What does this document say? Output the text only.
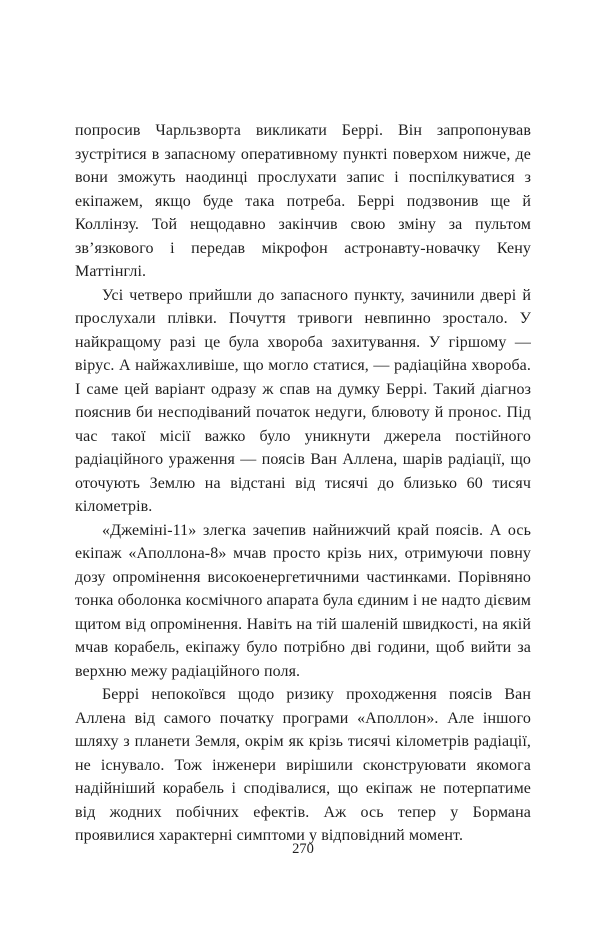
попросив Чарльзворта викликати Беррі. Він запропонував зустрітися в запасному оперативному пункті поверхом нижче, де вони зможуть наодинці прослухати запис і поспілкуватися з екіпажем, якщо буде така потреба. Беррі подзвонив ще й Коллінзу. Той нещодавно закінчив свою зміну за пультом зв’язкового і передав мікрофон астронавту-новачку Кену Маттінглі.

Усі четверо прийшли до запасного пункту, зачинили двері й прослухали плівки. Почуття тривоги невпинно зростало. У найкращому разі це була хвороба захитування. У гіршому — вірус. А найжахливіше, що могло статися, — радіаційна хвороба. І саме цей варіант одразу ж спав на думку Беррі. Такий діагноз пояснив би несподіваний початок недуги, блювоту й пронос. Під час такої місії важко було уникнути джерела постійного радіаційного ураження — поясів Ван Аллена, шарів радіації, що оточують Землю на відстані від тисячі до близько 60 тисяч кілометрів.

«Джеміні-11» злегка зачепив найнижчий край поясів. А ось екіпаж «Аполлона-8» мчав просто крізь них, отримуючи повну дозу опромінення високоенергетичними частинками. Порівняно тонка оболонка космічного апарата була єдиним і не надто дієвим щитом від опромінення. Навіть на тій шаленій швидкості, на якій мчав корабель, екіпажу було потрібно дві години, щоб вийти за верхню межу радіаційного поля.

Беррі непокоївся щодо ризику проходження поясів Ван Аллена від самого початку програми «Аполлон». Але іншого шляху з планети Земля, окрім як крізь тисячі кілометрів радіації, не існувало. Тож інженери вирішили сконструювати якомога надійніший корабель і сподівалися, що екіпаж не потерпатиме від жодних побічних ефектів. Аж ось тепер у Бормана проявилися характерні симптоми у відповідний момент.

270
